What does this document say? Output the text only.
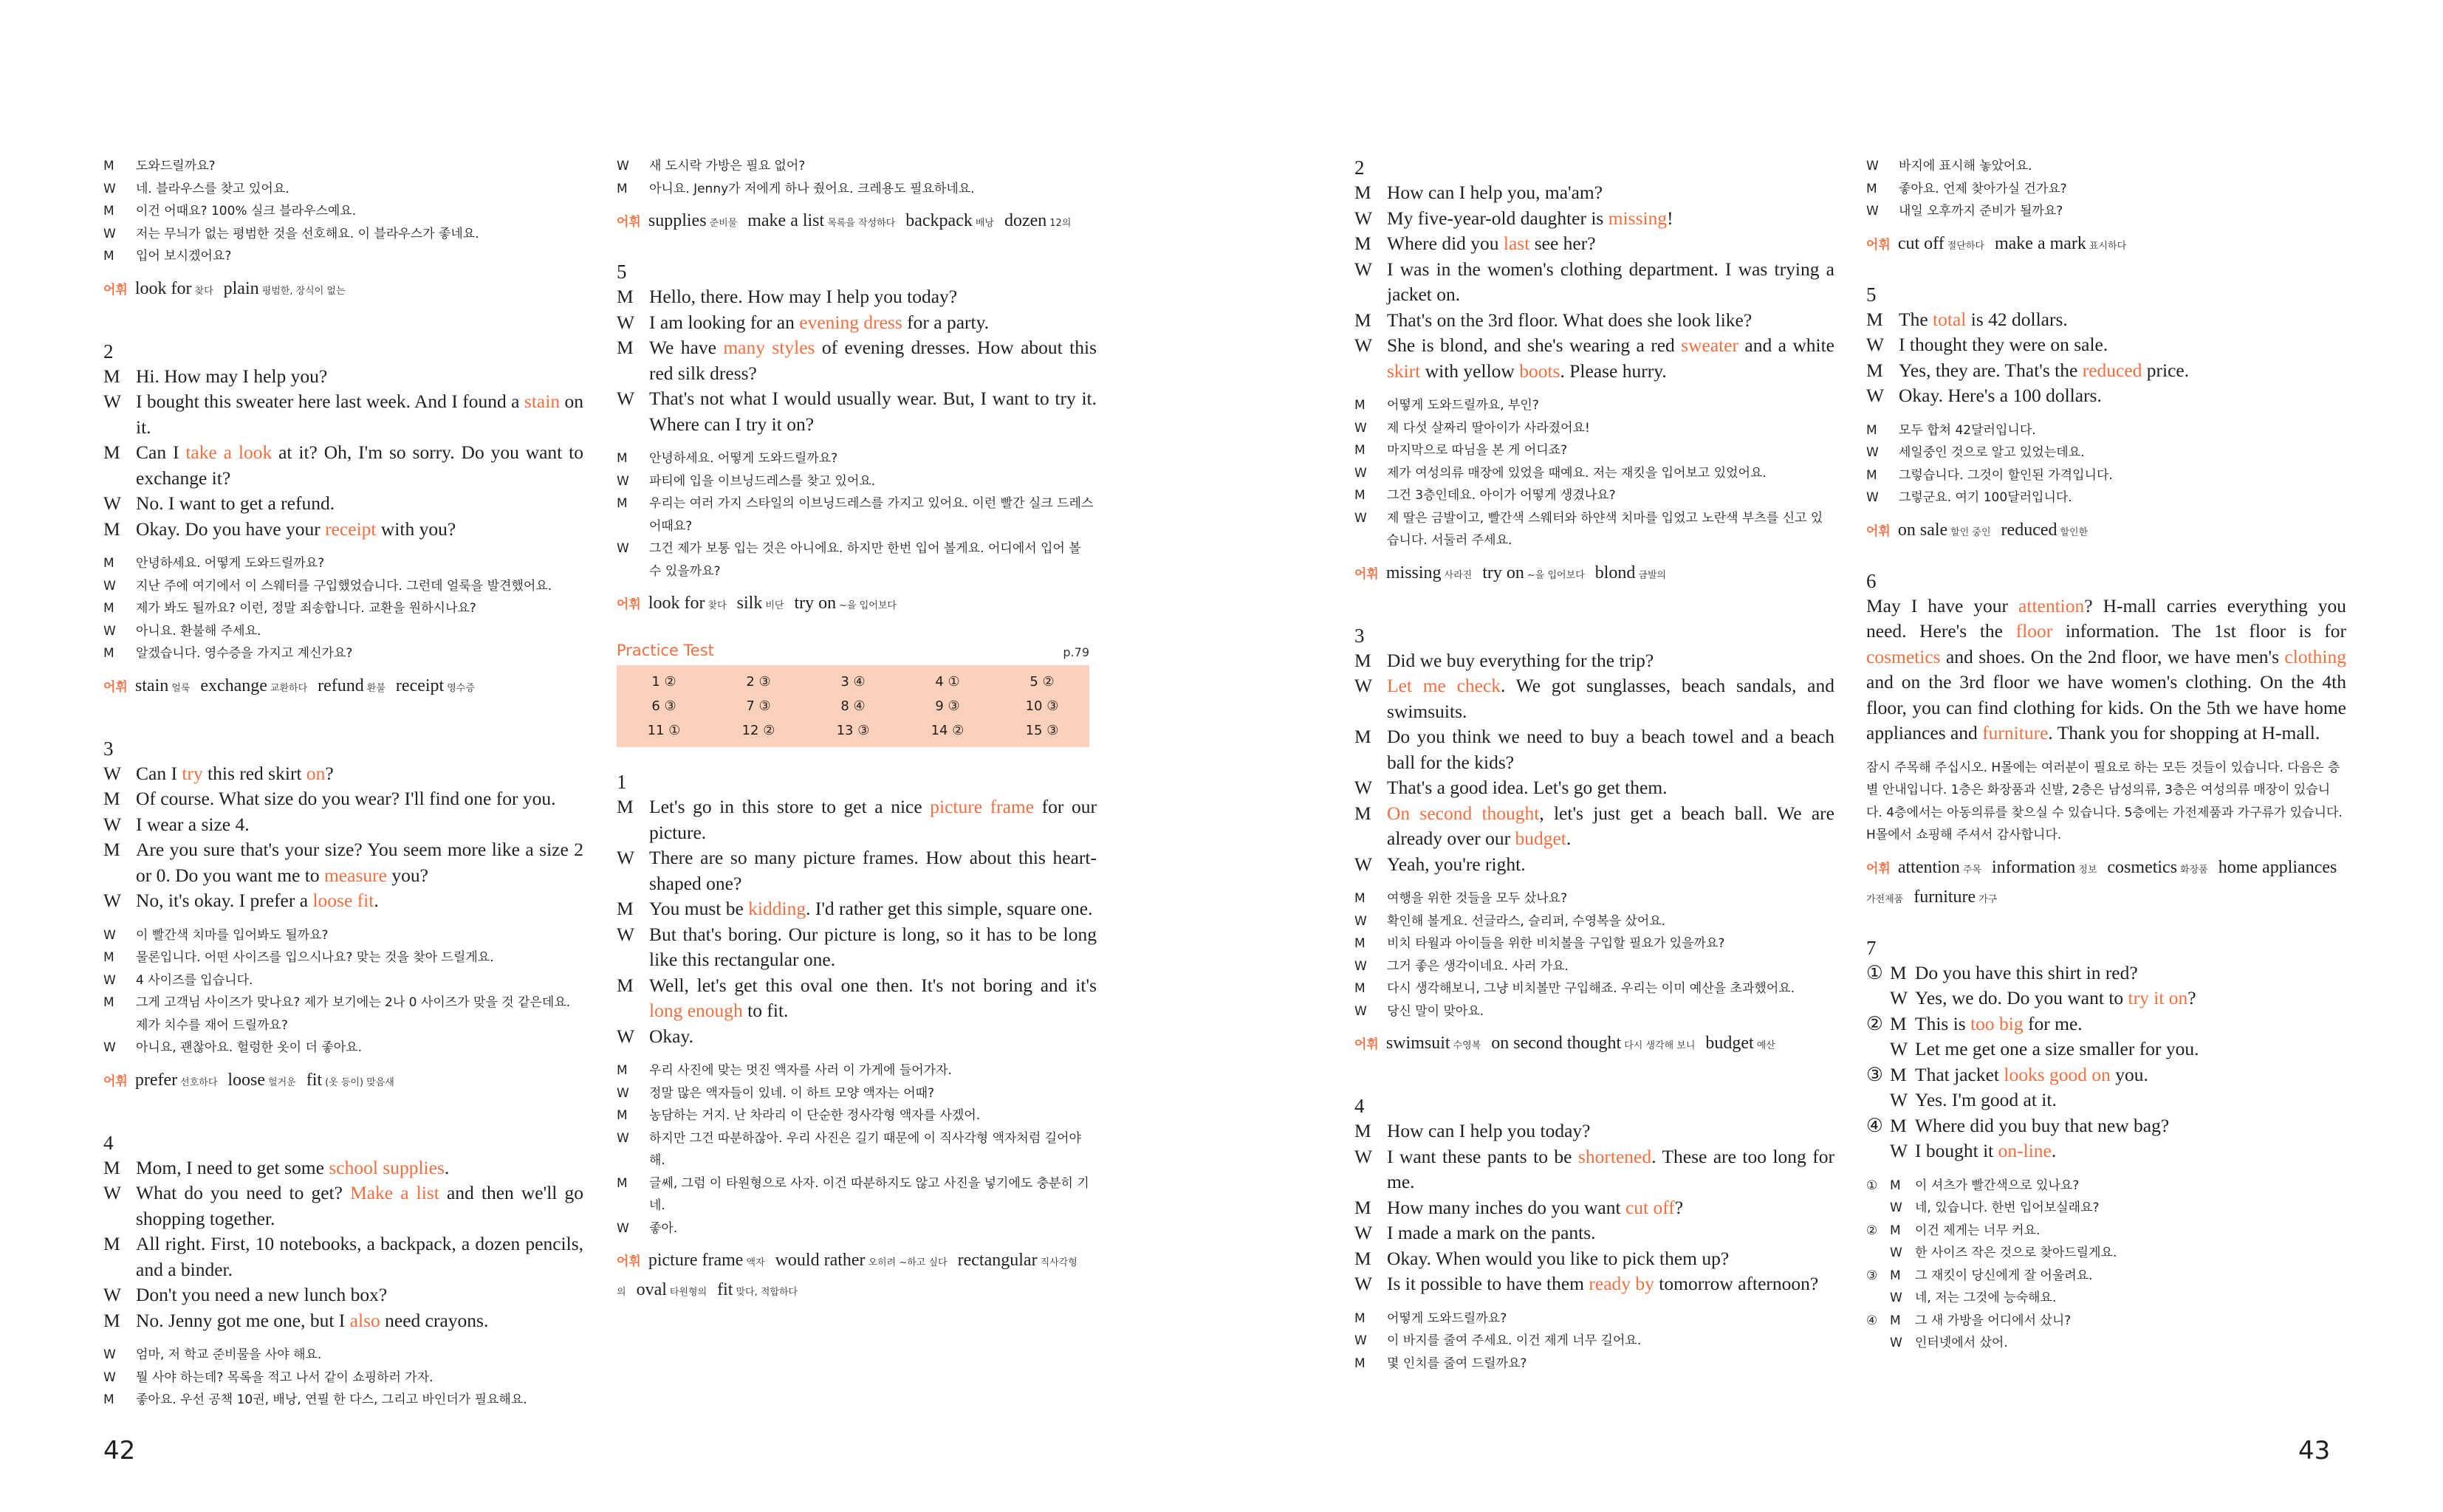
M	도와드릴까요?
W	네. 블라우스를 찾고 있어요.
M	이건 어때요? 100% 실크 블라우스예요.
W	저는 무늬가 없는 평범한 것을 선호해요. 이 블라우스가 좋네요.
M	입어 보시겠어요?
어휘 look for 찾다 plain 평범한, 장식이 없는
2
M Hi. How may I help you?
W I bought this sweater here last week. And I found a stain on it.
M Can I take a look at it? Oh, I'm so sorry. Do you want to exchange it?
W No. I want to get a refund.
M Okay. Do you have your receipt with you?
M	안녕하세요. 어떻게 도와드릴까요?
W	지난 주에 여기에서 이 스웨터를 구입했었습니다. 그런데 얼룩을 발견했어요.
M	제가 봐도 될까요? 이런, 정말 죄송합니다. 교환을 원하시나요?
W	아니요. 환불해 주세요.
M	알겠습니다. 영수증을 가지고 계신가요?
어휘 stain 얼룩 exchange 교환하다 refund 환불 receipt 영수증
3
W Can I try this red skirt on?
M Of course. What size do you wear? I'll find one for you.
W I wear a size 4.
M Are you sure that's your size? You seem more like a size 2 or 0. Do you want me to measure you?
W No, it's okay. I prefer a loose fit.
W	이 빨간색 치마를 입어봐도 될까요?
M	물론입니다. 어떤 사이즈를 입으시나요? 맞는 것을 찾아 드릴게요.
W	4 사이즈를 입습니다.
M	그게 고객님 사이즈가 맞나요? 제가 보기에는 2나 0 사이즈가 맞을 것 같은데요. 제가 치수를 재어 드릴까요?
W	아니요, 괜찮아요. 헐렁한 옷이 더 좋아요.
어휘 prefer 선호하다 loose 헐거운 fit (옷 등이) 맞음새
4
M Mom, I need to get some school supplies.
W What do you need to get? Make a list and then we'll go shopping together.
M All right. First, 10 notebooks, a backpack, a dozen pencils, and a binder.
W Don't you need a new lunch box?
M No. Jenny got me one, but I also need crayons.
W	엄마, 저 학교 준비물을 사야 해요.
W	뭘 사야 하는데? 목록을 적고 나서 같이 쇼핑하러 가자.
M	좋아요. 우선 공책 10권, 배낭, 연필 한 다스, 그리고 바인더가 필요해요.
W	새 도시락 가방은 필요 없어?
M	아니요. Jenny가 저에게 하나 줬어요. 크레용도 필요하네요.
어휘 supplies 준비물 make a list 목록을 작성하다 backpack 배낭 dozen 12의
5
M Hello, there. How may I help you today?
W I am looking for an evening dress for a party.
M We have many styles of evening dresses. How about this red silk dress?
W That's not what I would usually wear. But, I want to try it. Where can I try it on?
M	안녕하세요. 어떻게 도와드릴까요?
W	파티에 입을 이브닝드레스를 찾고 있어요.
M	우리는 여러 가지 스타일의 이브닝드레스를 가지고 있어요. 이런 빨간 실크 드레스 어때요?
W	그건 제가 보통 입는 것은 아니에요. 하지만 한번 입어 볼게요. 어디에서 입어 볼 수 있을까요?
어휘 look for 찾다 silk 비단 try on ~을 입어보다
Practice Test	p.79
1 ②	2 ③	3 ④	4 ①	5 ②
6 ③	7 ③	8 ④	9 ③	10 ③
11 ①	12 ②	13 ③	14 ②	15 ③
1
M Let's go in this store to get a nice picture frame for our picture.
W There are so many picture frames. How about this heart-shaped one?
M You must be kidding. I'd rather get this simple, square one.
W But that's boring. Our picture is long, so it has to be long like this rectangular one.
M Well, let's get this oval one then. It's not boring and it's long enough to fit.
W Okay.
M	우리 사진에 맞는 멋진 액자를 사러 이 가게에 들어가자.
W	정말 많은 액자들이 있네. 이 하트 모양 액자는 어때?
M	농담하는 거지. 난 차라리 이 단순한 정사각형 액자를 사겠어.
W	하지만 그건 따분하잖아. 우리 사진은 길기 때문에 이 직사각형 액자처럼 길어야 해.
M	글쎄, 그럼 이 타원형으로 사자. 이건 따분하지도 않고 사진을 넣기에도 충분히 기네.
W	좋아.
어휘 picture frame 액자 would rather 오히려 ~하고 싶다 rectangular 직사각형의 oval 타원형의 fit 맞다, 적합하다
2
M How can I help you, ma'am?
W My five-year-old daughter is missing!
M Where did you last see her?
W I was in the women's clothing department. I was trying a jacket on.
M That's on the 3rd floor. What does she look like?
W She is blond, and she's wearing a red sweater and a white skirt with yellow boots. Please hurry.
M	어떻게 도와드릴까요, 부인?
W	제 다섯 살짜리 딸아이가 사라졌어요!
M	마지막으로 따님을 본 게 어디죠?
W	제가 여성의류 매장에 있었을 때예요. 저는 재킷을 입어보고 있었어요.
M	그건 3층인데요. 아이가 어떻게 생겼나요?
W	제 딸은 금발이고, 빨간색 스웨터와 하얀색 치마를 입었고 노란색 부츠를 신고 있습니다. 서둘러 주세요.
어휘 missing 사라진 try on ~을 입어보다 blond 금발의
3
M Did we buy everything for the trip?
W Let me check. We got sunglasses, beach sandals, and swimsuits.
M Do you think we need to buy a beach towel and a beach ball for the kids?
W That's a good idea. Let's go get them.
M On second thought, let's just get a beach ball. We are already over our budget.
W Yeah, you're right.
M	여행을 위한 것들을 모두 샀나요?
W	확인해 볼게요. 선글라스, 슬리퍼, 수영복을 샀어요.
M	비치 타월과 아이들을 위한 비치볼을 구입할 필요가 있을까요?
W	그거 좋은 생각이네요. 사러 가요.
M	다시 생각해보니, 그냥 비치볼만 구입해죠. 우리는 이미 예산을 초과했어요.
W	당신 말이 맞아요.
어휘 swimsuit 수영복 on second thought 다시 생각해 보니 budget 예산
4
M How can I help you today?
W I want these pants to be shortened. These are too long for me.
M How many inches do you want cut off?
W I made a mark on the pants.
M Okay. When would you like to pick them up?
W Is it possible to have them ready by tomorrow afternoon?
M	어떻게 도와드릴까요?
W	이 바지를 줄여 주세요. 이건 제게 너무 길어요.
M	몇 인치를 줄여 드릴까요?
W	바지에 표시해 놓았어요.
M	좋아요. 언제 찾아가실 건가요?
W	내일 오후까지 준비가 될까요?
어휘 cut off 절단하다 make a mark 표시하다
5
M The total is 42 dollars.
W I thought they were on sale.
M Yes, they are. That's the reduced price.
W Okay. Here's a 100 dollars.
M	모두 합쳐 42달러입니다.
W	세일중인 것으로 알고 있었는데요.
M	그렇습니다. 그것이 할인된 가격입니다.
W	그렇군요. 여기 100달러입니다.
어휘 on sale 할인 중인 reduced 할인한
6
May I have your attention? H-mall carries everything you need. Here's the floor information. The 1st floor is for cosmetics and shoes. On the 2nd floor, we have men's clothing and on the 3rd floor we have women's clothing. On the 4th floor, you can find clothing for kids. On the 5th we have home appliances and furniture. Thank you for shopping at H-mall.
잠시 주목해 주십시오. H몰에는 여러분이 필요로 하는 모든 것들이 있습니다. 다음은 층별 안내입니다. 1층은 화장품과 신발, 2층은 남성의류, 3층은 여성의류 매장이 있습니다. 4층에서는 아동의류를 찾으실 수 있습니다. 5층에는 가전제품과 가구류가 있습니다. H몰에서 쇼핑해 주셔서 감사합니다.
어휘 attention 주목 information 정보 cosmetics 화장품 home appliances가전제품 furniture 가구
7
① M Do you have this shirt in red?
W Yes, we do. Do you want to try it on?
② M This is too big for me.
W Let me get one a size smaller for you.
③ M That jacket looks good on you.
W Yes. I'm good at it.
④ M Where did you buy that new bag?
W I bought it on-line.
① M	이 셔츠가 빨간색으로 있나요?
W	네, 있습니다. 한번 입어보실래요?
② M	이건 제게는 너무 커요.
W	한 사이즈 작은 것으로 찾아드릴게요.
③ M	그 재킷이 당신에게 잘 어울려요.
W	네, 저는 그것에 능숙해요.
④ M	그 새 가방을 어디에서 샀니?
W	인터넷에서 샀어.
42	43
